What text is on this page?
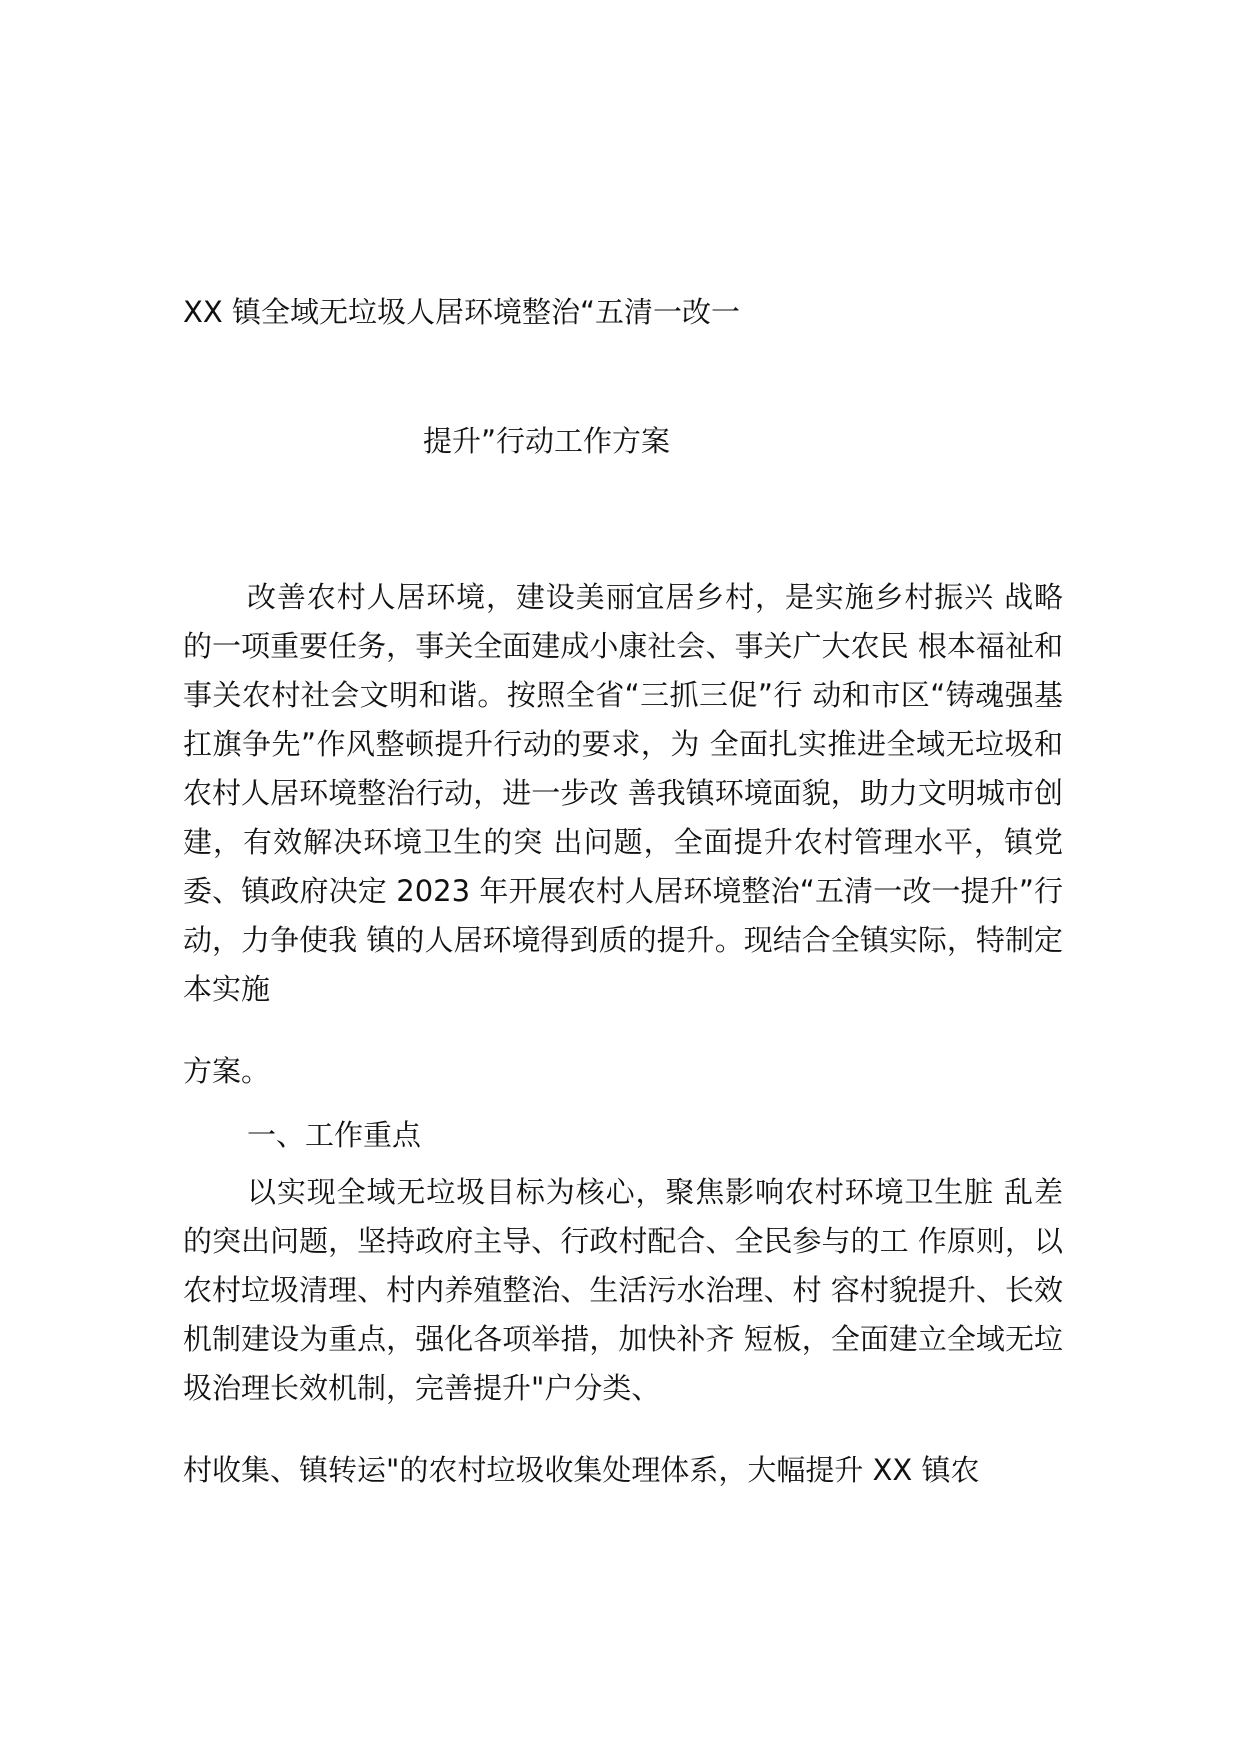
XX 镇全域无垃圾人居环境整治“五清一改一
提升”行动工作方案
改善农村人居环境，建设美丽宜居乡村，是实施乡村振兴 战略的一项重要任务，事关全面建成小康社会、事关广大农民 根本福祉和事关农村社会文明和谐。按照全省“三抓三促”行 动和市区“铸魂强基扛旗争先”作风整顿提升行动的要求，为 全面扎实推进全域无垃圾和农村人居环境整治行动，进一步改 善我镇环境面貌，助力文明城市创建，有效解决环境卫生的突 出问题，全面提升农村管理水平，镇党委、镇政府决定 2023 年开展农村人居环境整治“五清一改一提升”行动，力争使我 镇的人居环境得到质的提升。现结合全镇实际，特制定本实施
方案。
一、工作重点
以实现全域无垃圾目标为核心，聚焦影响农村环境卫生脏 乱差的突出问题，坚持政府主导、行政村配合、全民参与的工 作原则，以农村垃圾清理、村内养殖整治、生活污水治理、村 容村貌提升、长效机制建设为重点，强化各项举措，加快补齐 短板，全面建立全域无垃圾治理长效机制，完善提升"户分类、
村收集、镇转运"的农村垃圾收集处理体系，大幅提升 XX 镇农
